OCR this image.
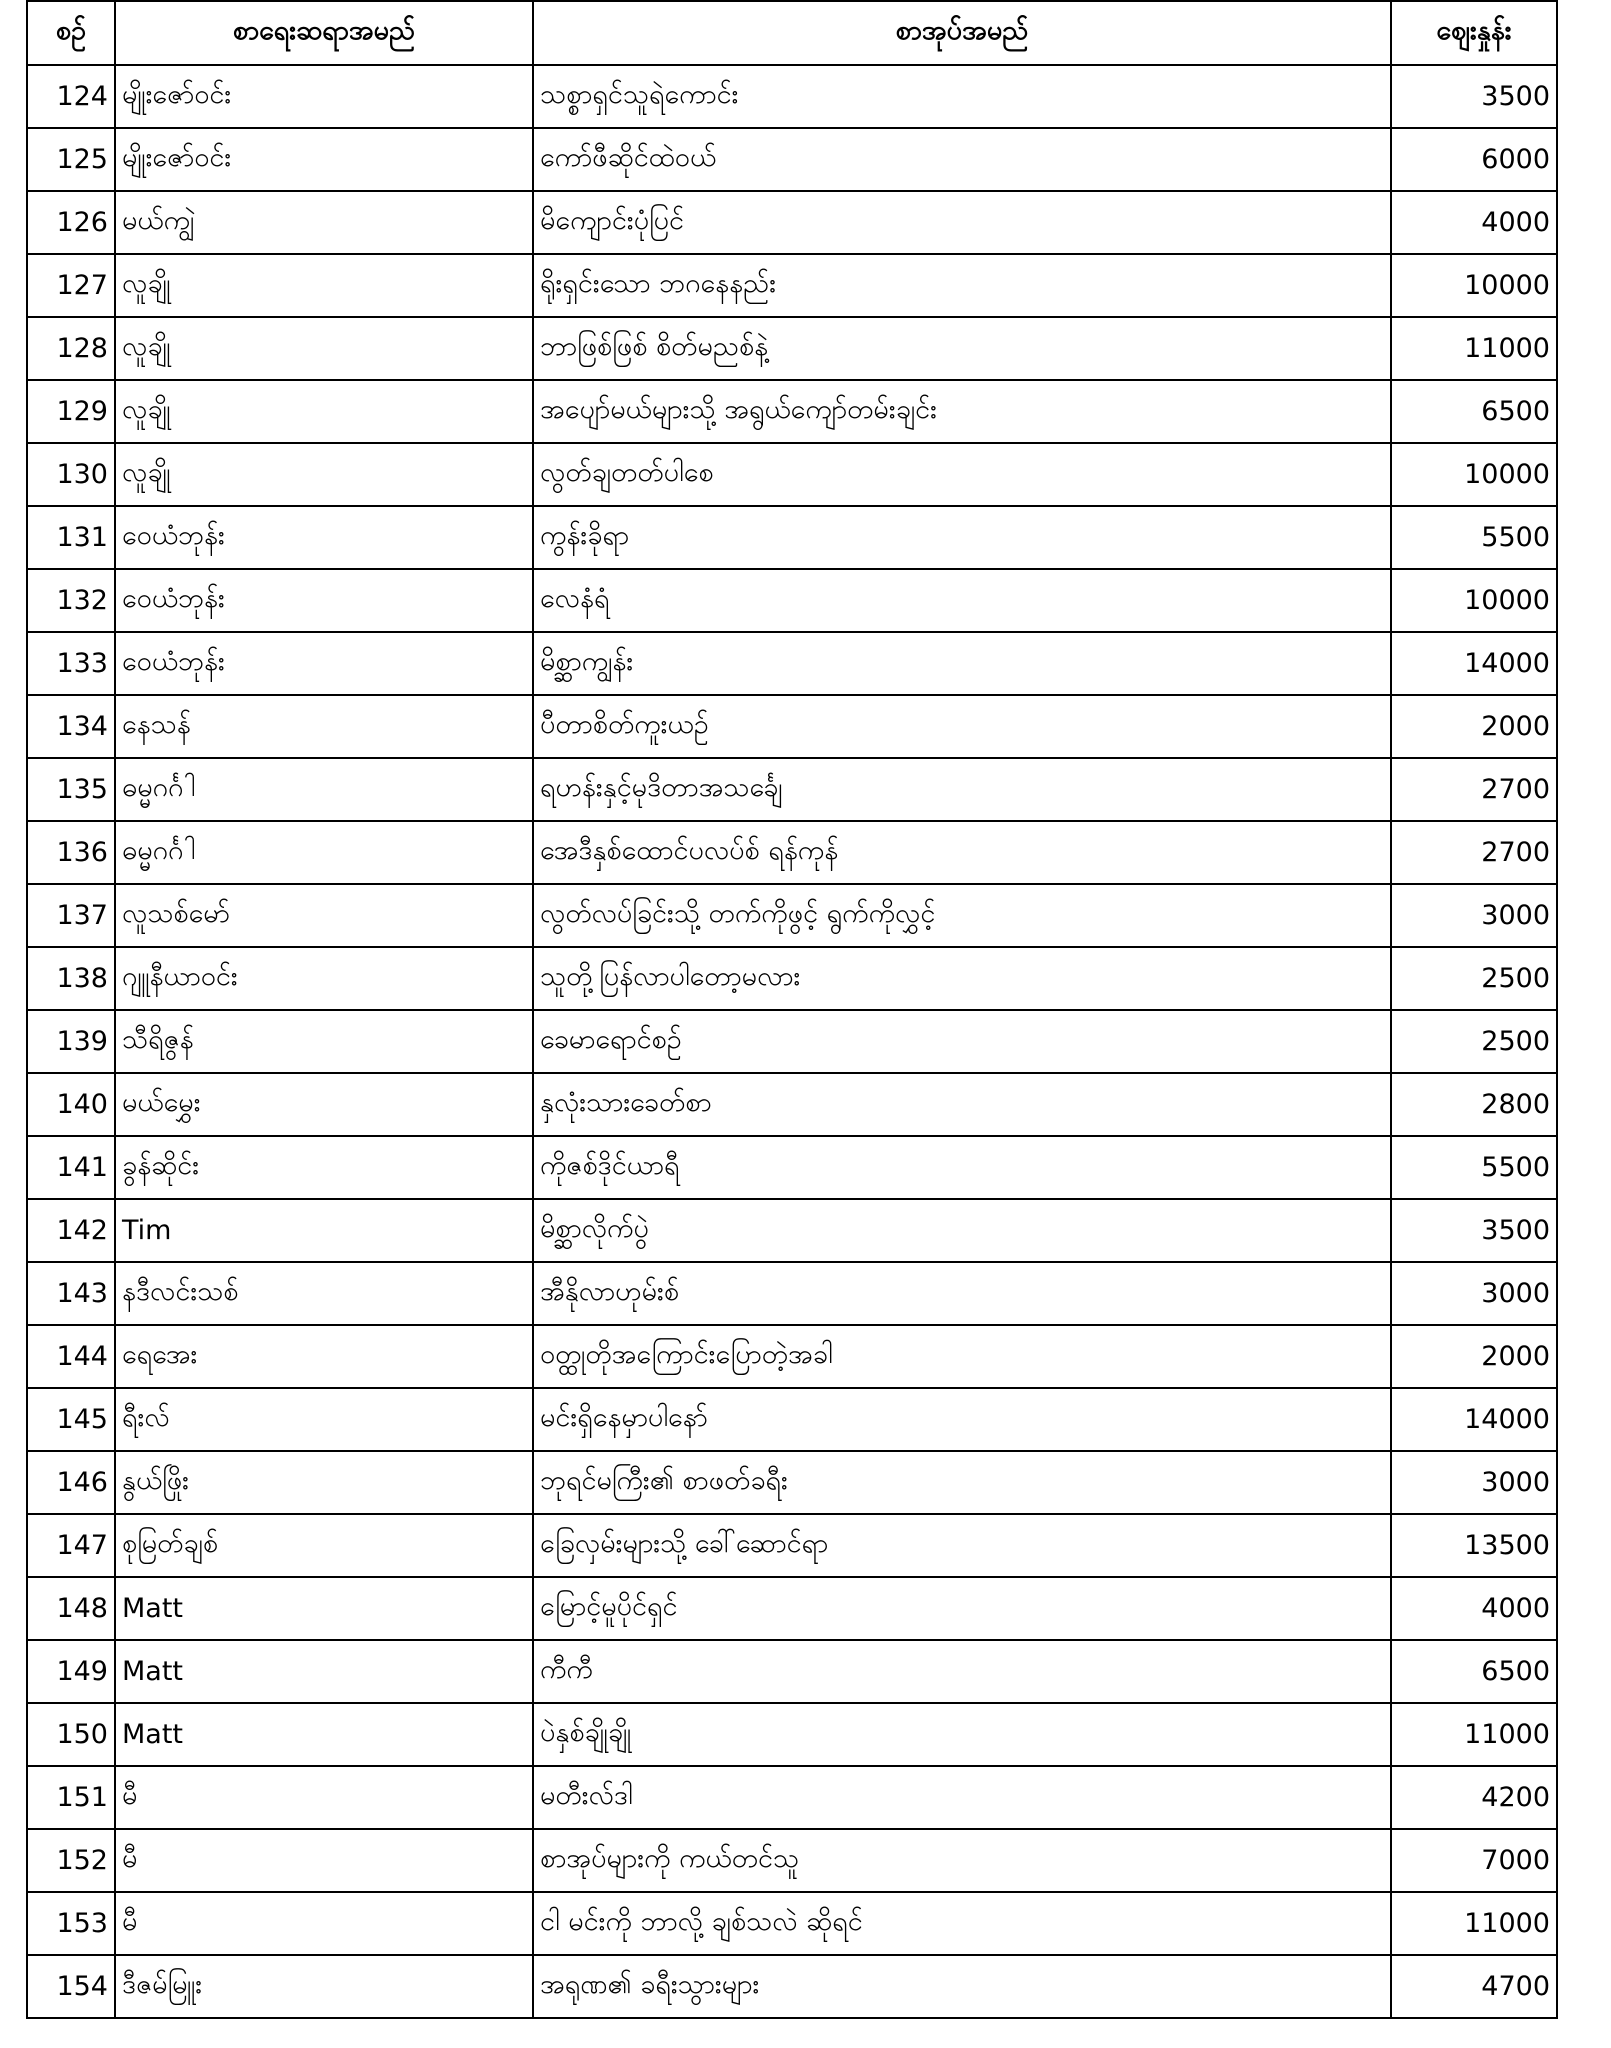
စဉ်	စာရေးဆရာအမည်	စာအုပ်အမည်	ဈေးနှုန်း
124	မျိုးဇော်ဝင်း	သစ္စာရှင်သူရဲကောင်း	3500
125	မျိုးဇော်ဝင်း	ကော်ဖီဆိုင်ထဲဝယ်	6000
126	မယ်ကျွဲ	မိကျောင်းပုံပြင်	4000
127	လူချို	ရိုးရှင်းသော ဘဂနေနည်း	10000
128	လူချို	ဘာဖြစ်ဖြစ် စိတ်မညစ်နဲ့	11000
129	လူချို	အပျော်မယ်များသို့ အရွယ်ကျော်တမ်းချင်း	6500
130	လူချို	လွတ်ချတတ်ပါစေ	10000
131	ဝေယံဘုန်း	ကွန်းခိုရာ	5500
132	ဝေယံဘုန်း	လေနံရံ	10000
133	ဝေယံဘုန်း	မိစ္ဆာကျွန်း	14000
134	နေသန်	ပီတာစိတ်ကူးယဉ်	2000
135	ဓမ္မဂင်္ဂါ	ရဟန်းနှင့်မုဒိတာအသင်္ချေ	2700
136	ဓမ္မဂင်္ဂါ	အေဒီနှစ်ထောင်ပလပ်စ် ရန်ကုန်	2700
137	လူသစ်မော်	လွတ်လပ်ခြင်းသို့ တက်ကိုဖွင့် ရွက်ကိုလွှင့်	3000
138	ဂျူနီယာဝင်း	သူတို့ပြန်လာပါတော့မလား	2500
139	သီရိဇွန်	ခေမာရောင်စဉ်	2500
140	မယ်မွှေး	နှလုံးသားခေတ်စာ	2800
141	ခွန်ဆိုင်း	ကိုဇစ်ဒိုင်ယာရီ	5500
142	Tim	မိစ္ဆာလိုက်ပွဲ	3500
143	နဒီလင်းသစ်	အီနိုလာဟုမ်းစ်	3000
144	ရေအေး	ဝတ္ထုတိုအကြောင်းပြောတဲ့အခါ	2000
145	ရီးလ်	မင်းရှိနေမှာပါနော်	14000
146	နွယ်ဖြိုး	ဘုရင်မကြီး၏ စာဖတ်ခရီး	3000
147	စုမြတ်ချစ်	ခြေလှမ်းများသို့ ခေါ်ဆောင်ရာ	13500
148	Matt	မြောင့်မူပိုင်ရှင်	4000
149	Matt	ကီကီ	6500
150	Matt	ပဲနှစ်ချိုချို	11000
151	မီ	မတီးလ်ဒါ	4200
152	မီ	စာအုပ်များကို ကယ်တင်သူ	7000
153	မီ	ငါ မင်းကို ဘာလို့ ချစ်သလဲ ဆိုရင်	11000
154	ဒီဇမ်မြူး	အရုဏ၏ ခရီးသွားများ	4700
